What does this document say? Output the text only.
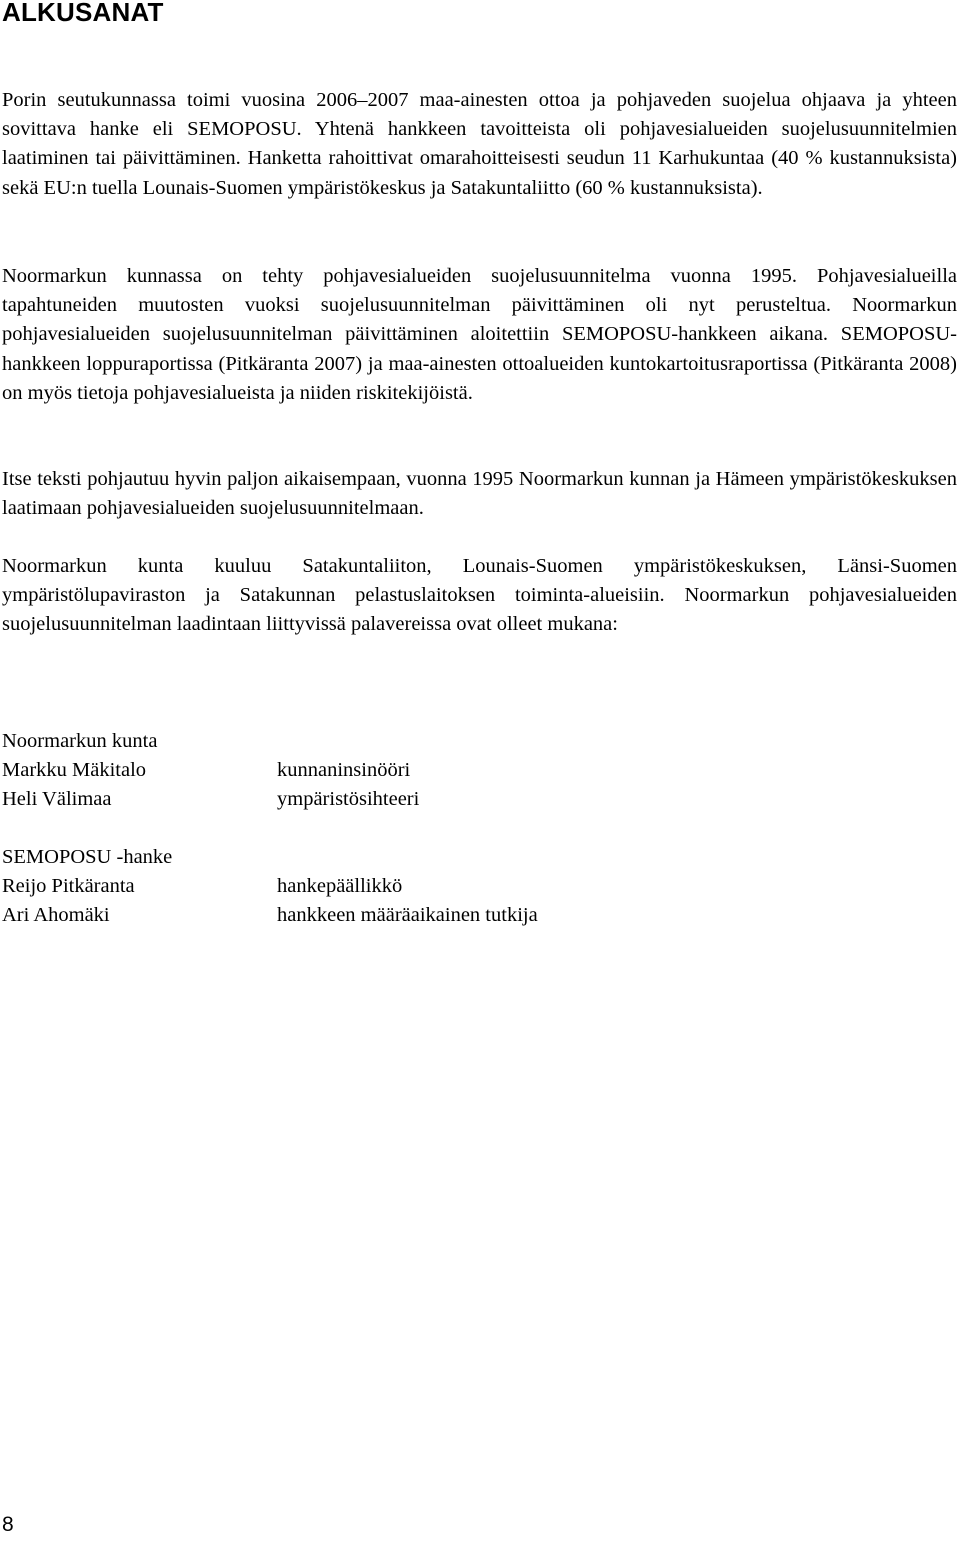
ALKUSANAT

Porin seutukunnassa toimi vuosina 2006–2007 maa-ainesten ottoa ja pohjaveden suojelua ohjaava ja yhteen sovittava hanke eli SEMOPOSU. Yhtenä hankkeen tavoitteista oli pohjavesialueiden suojelusuunnitelmien laatiminen tai päivittäminen. Hanketta rahoittivat omarahoitteisesti seudun 11 Karhukuntaa (40 % kustannuksista) sekä EU:n tuella Lounais-Suomen ympäristökeskus ja Satakuntaliitto (60 % kustannuksista).

Noormarkun kunnassa on tehty pohjavesialueiden suojelusuunnitelma vuonna 1995. Pohjavesialueilla tapahtuneiden muutosten vuoksi suojelusuunnitelman päivittäminen oli nyt perusteltua. Noormarkun pohjavesialueiden suojelusuunnitelman päivittäminen aloitettiin SEMOPOSU-hankkeen aikana. SEMOPOSU-hankkeen loppuraportissa (Pitkäranta 2007) ja maa-ainesten ottoalueiden kuntokartoitusraportissa (Pitkäranta 2008) on myös tietoja pohjavesialueista ja niiden riskitekijöistä.

Itse teksti pohjautuu hyvin paljon aikaisempaan, vuonna 1995 Noormarkun kunnan ja Hämeen ympäristökeskuksen laatimaan pohjavesialueiden suojelusuunnitelmaan.

Noormarkun kunta kuuluu Satakuntaliiton, Lounais-Suomen ympäristökeskuksen, Länsi-Suomen ympäristölupaviraston ja Satakunnan pelastuslaitoksen toiminta-alueisiin. Noormarkun pohjavesialueiden suojelusuunnitelman laadintaan liittyvissä palavereissa ovat olleet mukana:

Noormarkun kunta
Markku Mäkitalo	kunnaninsinööri
Heli Välimaa	ympäristösihteeri
SEMOPOSU -hanke
Reijo Pitkäranta	hankepäällikkö
Ari Ahomäki	hankkeen määräaikainen tutkija
8
